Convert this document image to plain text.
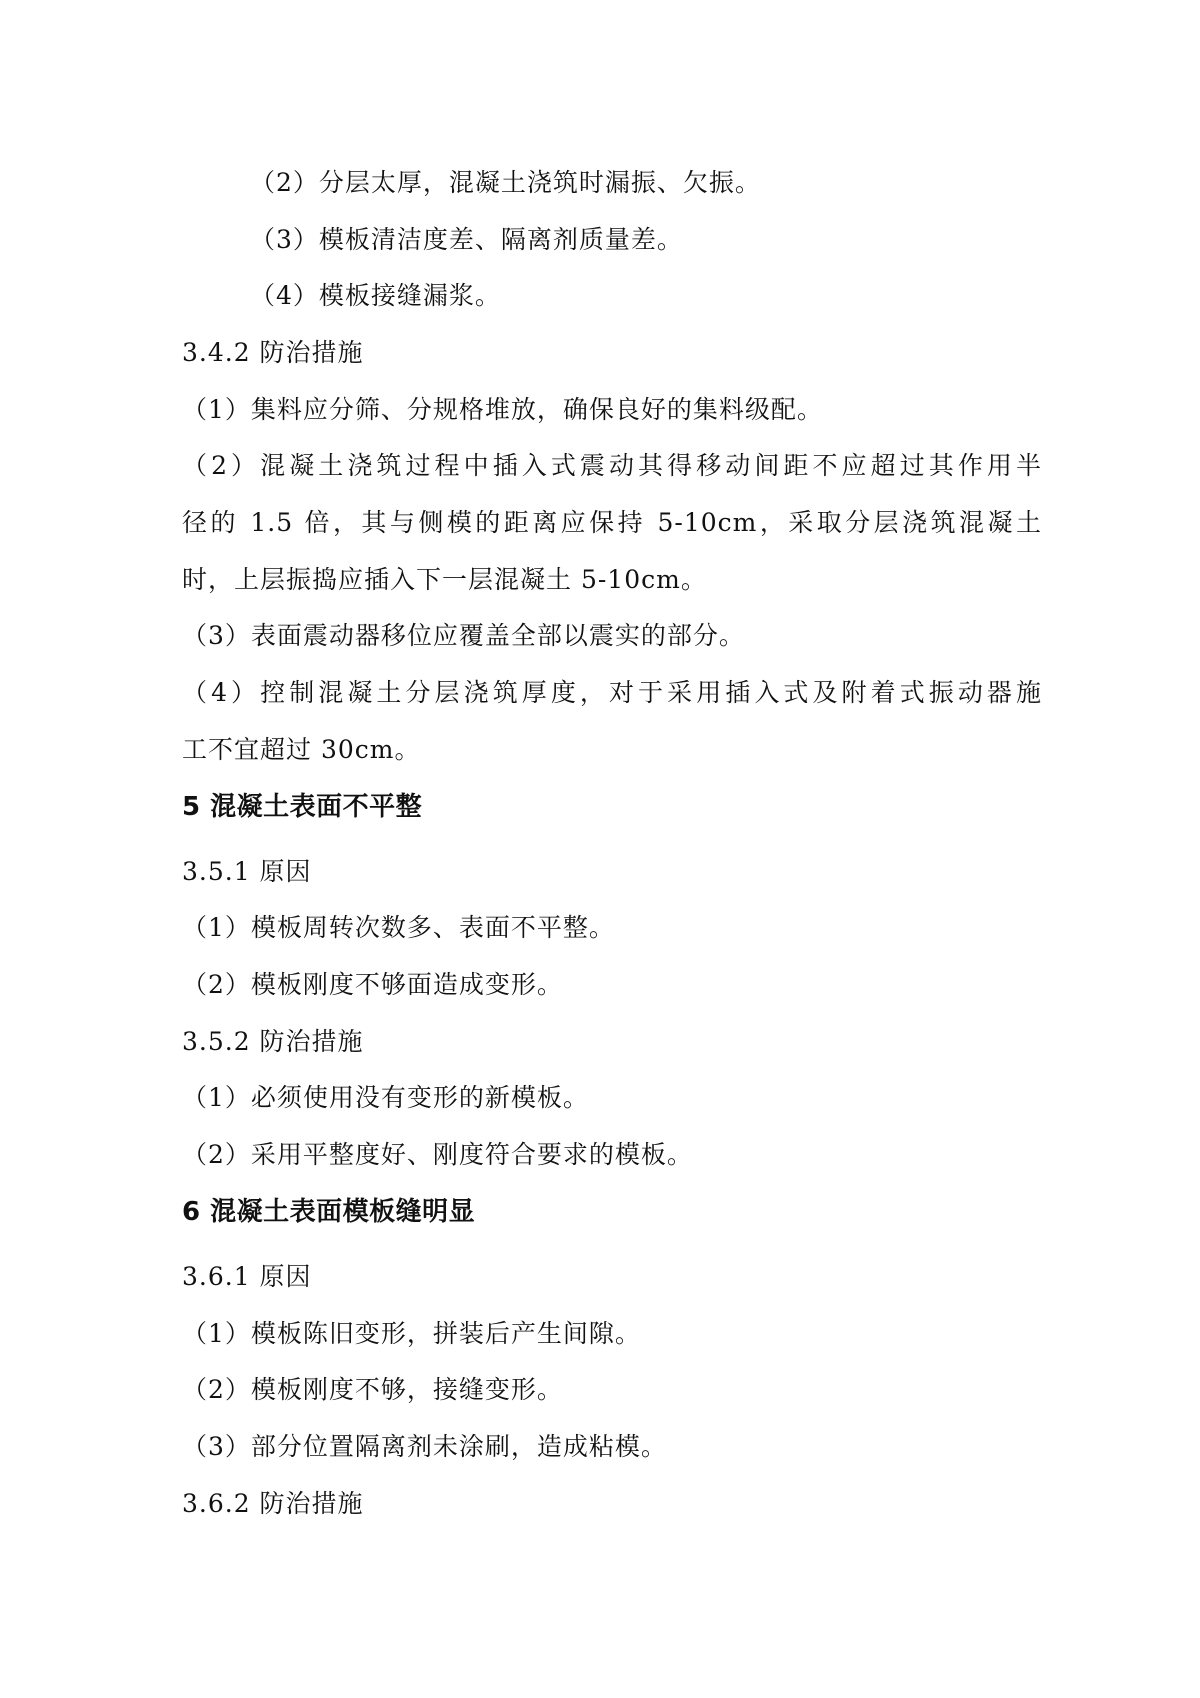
（2）分层太厚，混凝土浇筑时漏振、欠振。
（3）模板清洁度差、隔离剂质量差。
（4）模板接缝漏浆。
3.4.2 防治措施
（1）集料应分筛、分规格堆放，确保良好的集料级配。
（2）混凝土浇筑过程中插入式震动其得移动间距不应超过其作用半
径的 1.5 倍，其与侧模的距离应保持 5-10cm，采取分层浇筑混凝土
时，上层振捣应插入下一层混凝土 5-10cm。
（3）表面震动器移位应覆盖全部以震实的部分。
（4）控制混凝土分层浇筑厚度，对于采用插入式及附着式振动器施
工不宜超过 30cm。
5 混凝土表面不平整
3.5.1 原因
（1）模板周转次数多、表面不平整。
（2）模板刚度不够面造成变形。
3.5.2 防治措施
（1）必须使用没有变形的新模板。
（2）采用平整度好、刚度符合要求的模板。
6 混凝土表面模板缝明显
3.6.1 原因
（1）模板陈旧变形，拼装后产生间隙。
（2）模板刚度不够，接缝变形。
（3）部分位置隔离剂未涂刷，造成粘模。
3.6.2 防治措施
